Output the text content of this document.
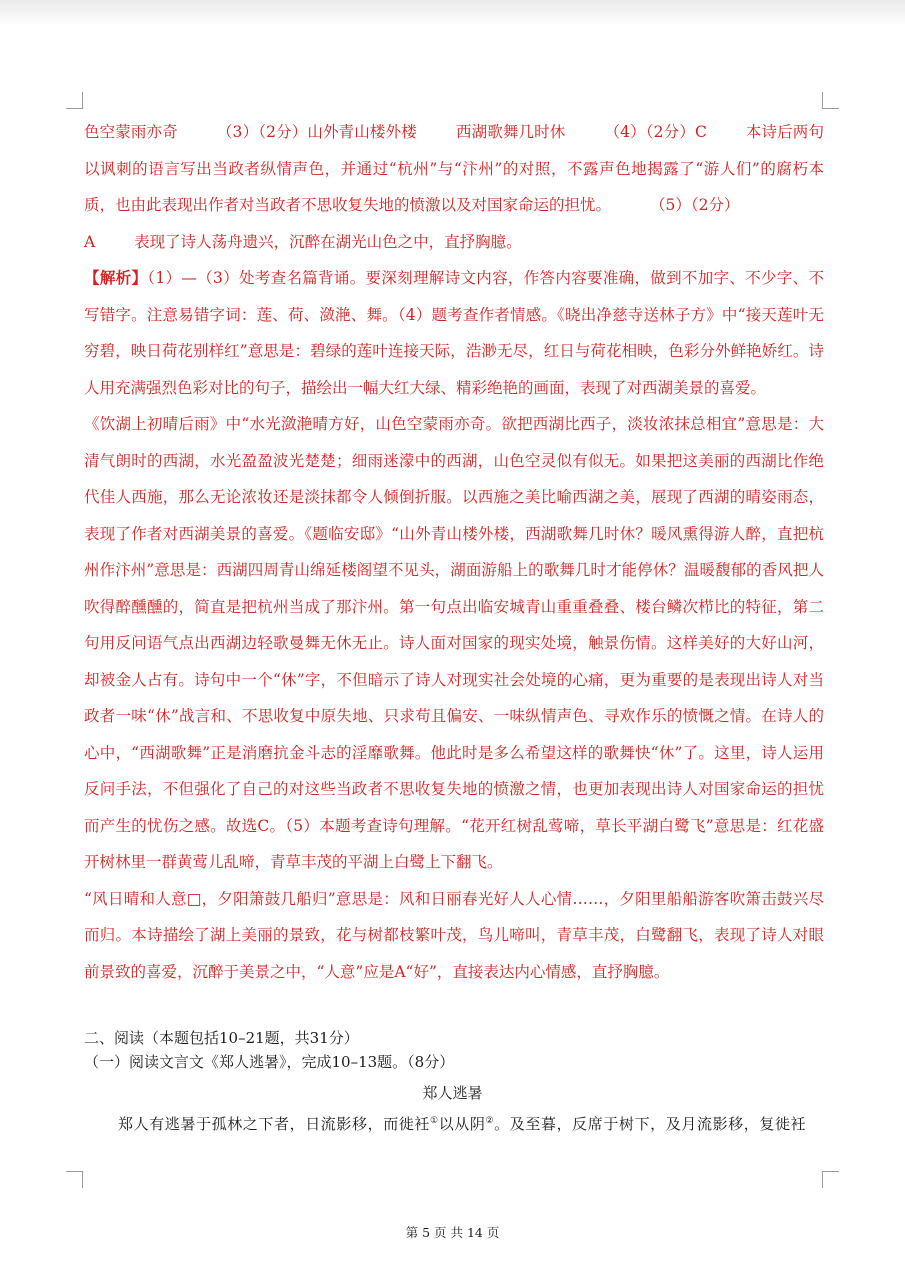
色空蒙雨亦奇	（3）（2分）山外青山楼外楼	西湖歌舞几时休	（4）（2分）C	本诗后两句以讽刺的语言写出当政者纵情声色，并通过“杭州”与“汴州”的对照，不露声色地揭露了“游人们”的腐朽本质，也由此表现出作者对当政者不思收复失地的愤激以及对国家命运的担忧。	（5）（2分）

A	表现了诗人荡舟遗兴，沉醉在湖光山色之中，直抒胸臆。

【解析】（1）—（3）处考查名篇背诵。要深刻理解诗文内容，作答内容要准确，做到不加字、不少字、不写错字。注意易错字词：莲、荷、潋滟、舞。（4）题考查作者情感。《晓出净慈寺送林子方》中“接天莲叶无穷碧，映日荷花别样红”意思是：碧绿的莲叶连接天际，浩渺无尽，红日与荷花相映，色彩分外鲜艳娇红。诗人用充满强烈色彩对比的句子，描绘出一幅大红大绿、精彩绝艳的画面，表现了对西湖美景的喜爱。

《饮湖上初晴后雨》中“水光潋滟晴方好，山色空蒙雨亦奇。欲把西湖比西子，淡妆浓抹总相宜”意思是：大清气朗时的西湖，水光盈盈波光楚楚；细雨迷濛中的西湖，山色空灵似有似无。如果把这美丽的西湖比作绝代佳人西施，那么无论浓妆还是淡抹都令人倾倒折服。以西施之美比喻西湖之美，展现了西湖的晴姿雨态，表现了作者对西湖美景的喜爱。《题临安邸》“山外青山楼外楼，西湖歌舞几时休？暖风熏得游人醉，直把杭州作汴州”意思是：西湖四周青山绵延楼阁望不见头，湖面游船上的歌舞几时才能停休？温暖馥郁的香风把人吹得醉醺醺的，简直是把杭州当成了那汴州。第一句点出临安城青山重重叠叠、楼台鳞次栉比的特征，第二句用反问语气点出西湖边轻歌曼舞无休无止。诗人面对国家的现实处境，触景伤情。这样美好的大好山河，却被金人占有。诗句中一个“休”字，不但暗示了诗人对现实社会处境的心痛，更为重要的是表现出诗人对当政者一味“休”战言和、不思收复中原失地、只求苟且偏安、一味纵情声色、寻欢作乐的愤慨之情。在诗人的心中，“西湖歌舞”正是消磨抗金斗志的淫靡歌舞。他此时是多么希望这样的歌舞快“休”了。这里，诗人运用反问手法，不但强化了自己的对这些当政者不思收复失地的愤激之情，也更加表现出诗人对国家命运的担忧而产生的忧伤之感。故选C。（5）本题考查诗句理解。“花开红树乱莺啼，草长平湖白鹭飞”意思是：红花盛开树林里一群黄莺儿乱啼，青草丰茂的平湖上白鹭上下翻飞。

“风日晴和人意□，夕阳箫鼓几船归”意思是：风和日丽春光好人人心情……，夕阳里船船游客吹箫击鼓兴尽而归。本诗描绘了湖上美丽的景致，花与树都枝繁叶茂，鸟儿啼叫，青草丰茂，白鹭翻飞，表现了诗人对眼前景致的喜爱，沉醉于美景之中，“人意”应是A“好”，直接表达内心情感，直抒胸臆。

二、阅读（本题包括10–21题，共31分）

（一）阅读文言文《郑人逃暑》，完成10–13题。（8分）

郑人逃暑
郑人有逃暑于孤林之下者，日流影移，而徙衽①以从阴②。及至暮，反席于树下，及月流影移，复徙衽
第 5 页 共 14 页
